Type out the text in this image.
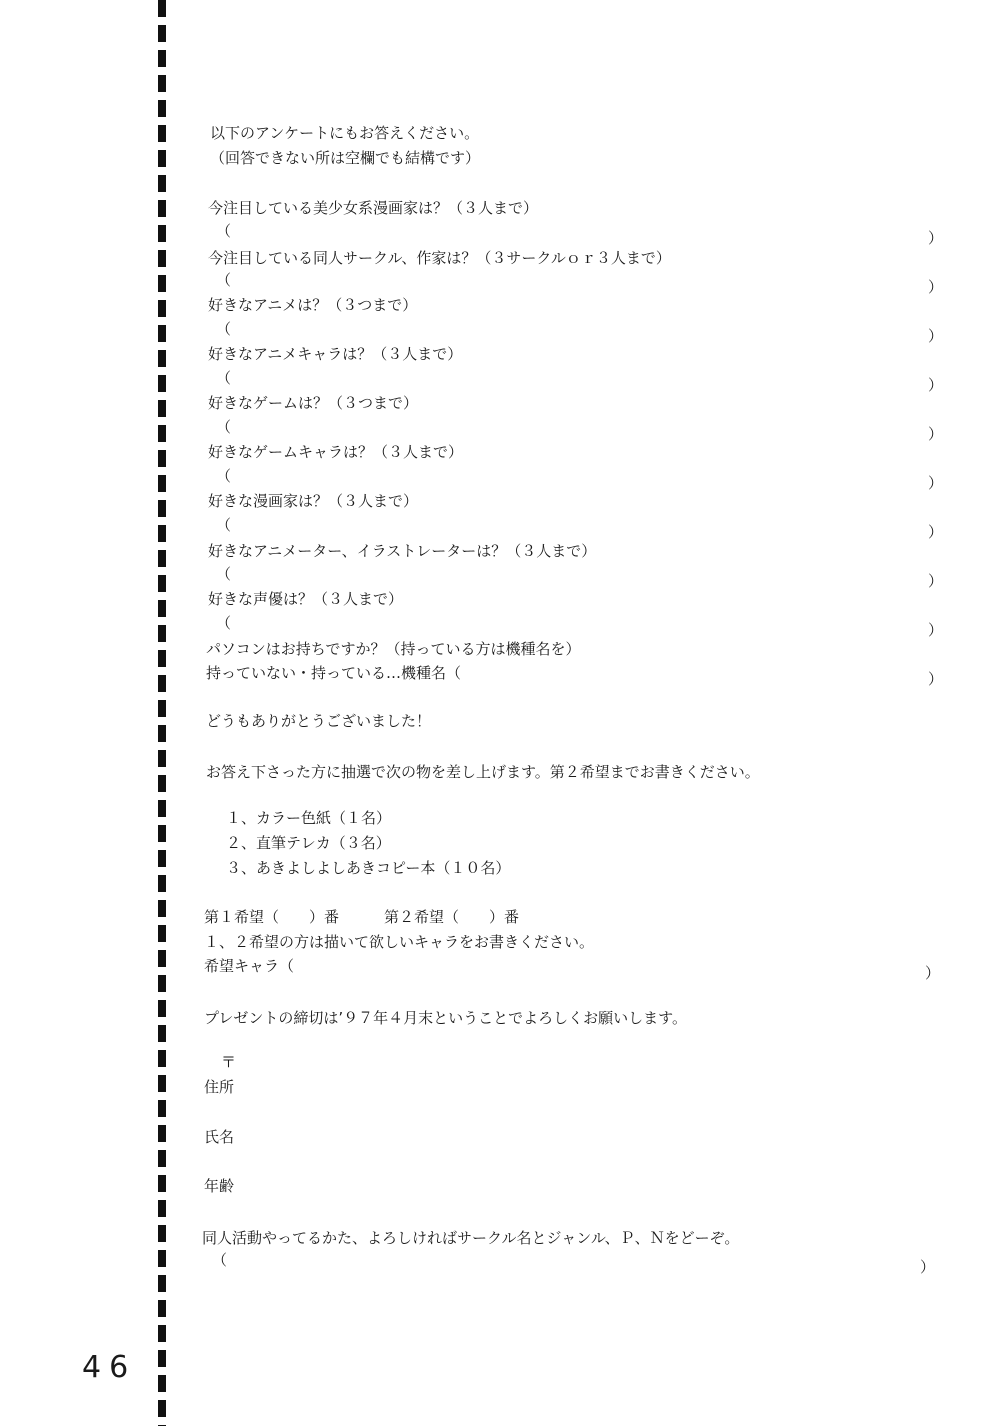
以下のアンケートにもお答えください。
（回答できない所は空欄でも結構です）
今注目している美少女系漫画家は？（３人まで）
（	）
今注目している同人サークル、作家は？（３サークルｏｒ３人まで）
（	）
好きなアニメは？（３つまで）
（	）
好きなアニメキャラは？（３人まで）
（	）
好きなゲームは？（３つまで）
（	）
好きなゲームキャラは？（３人まで）
（	）
好きな漫画家は？（３人まで）
（	）
好きなアニメーター、イラストレーターは？（３人まで）
（	）
好きな声優は？（３人まで）
（	）
パソコンはお持ちですか？（持っている方は機種名を）
持っていない・持っている…機種名（	）
どうもありがとうございました！
お答え下さった方に抽選で次の物を差し上げます。第２希望までお書きください。
１、カラー色紙（１名）
２、直筆テレカ（３名）
３、あきよしよしあきコピー本（１０名）
第１希望（　　）番	第２希望（　　）番
１、２希望の方は描いて欲しいキャラをお書きください。
希望キャラ（	）
プレゼントの締切は’９７年４月末ということでよろしくお願いします。
〒
住所
氏名
年齢
同人活動やってるかた、よろしければサークル名とジャンル、Ｐ、Ｎをどーぞ。
（	）
46
